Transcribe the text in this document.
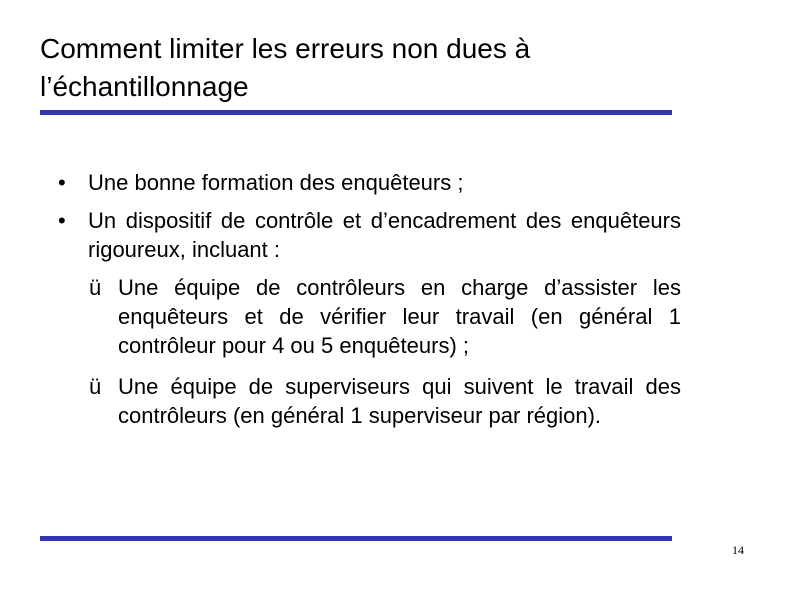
Comment limiter les erreurs non dues à l’échantillonnage
•	Une bonne formation des enquêteurs ;
•	Un dispositif de contrôle et d’encadrement des enquêteurs rigoureux, incluant :
ü Une équipe de contrôleurs en charge d’assister les enquêteurs et de vérifier leur travail (en général 1 contrôleur pour 4 ou 5 enquêteurs) ;
ü Une équipe de superviseurs qui suivent le travail des contrôleurs (en général 1 superviseur par région).
14
